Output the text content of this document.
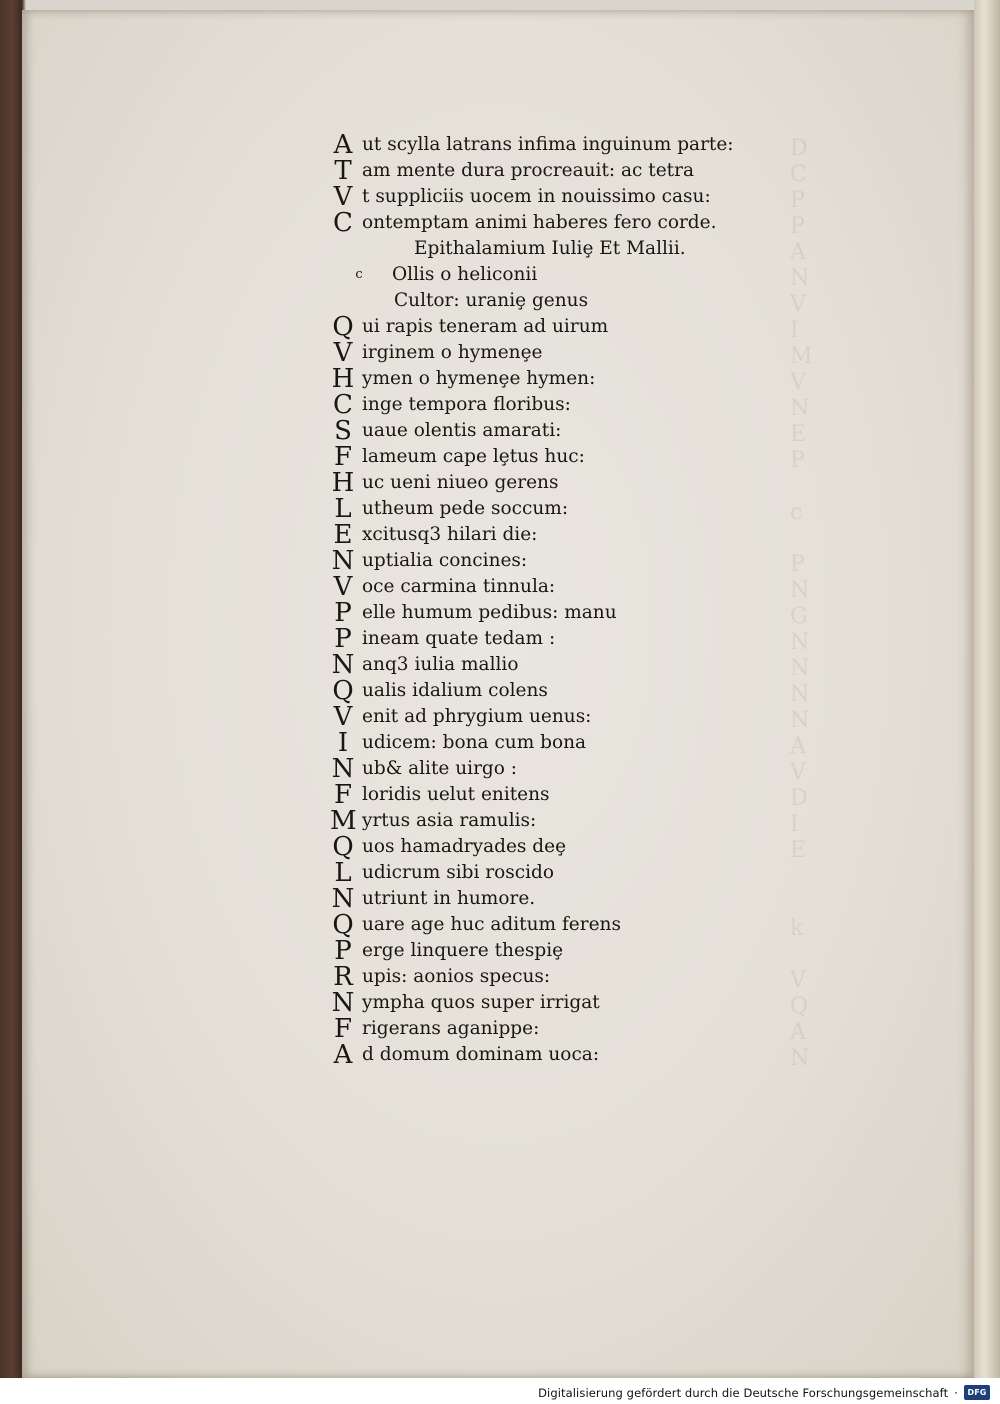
D
C
P
P
A
N
V
I
M
V
N
E
P

c

P
N
G
N
N
N
N
A
V
D
I
E

k

V
Q
A
N
A ut scylla latrans infima inguinum parte:
T am mente dura procreauit: ac tetra
V t suppliciis uocem in nouissimo casu:
C ontemptam animi haberes fero corde.
Epithalamium Iuliȩ Et Mallii.
c Ollis o heliconii
Cultor: uraniȩ genus
Q ui rapis teneram ad uirum
V irginem o hymenȩe
H ymen o hymenȩe hymen:
C inge tempora floribus:
S uaue olentis amarati:
F lameum cape lȩtus huc:
H uc ueni niueo gerens
L utheum pede soccum:
E xcitusq3 hilari die:
N uptialia concines:
V oce carmina tinnula:
P elle humum pedibus: manu
P ineam quate tedam :
N anq3 iulia mallio
Q ualis idalium colens
V enit ad phrygium uenus:
I udicem: bona cum bona
N ub& alite uirgo :
F loridis uelut enitens
M yrtus asia ramulis:
Q uos hamadryades deȩ
L udicrum sibi roscido
N utriunt in humore.
Q uare age huc aditum ferens
P erge linquere thespiȩ
R upis: aonios specus:
N ympha quos super irrigat
F rigerans aganippe:
A d domum dominam uoca:
Digitalisierung gefördert durch die Deutsche Forschungsgemeinschaft ·	DFG
